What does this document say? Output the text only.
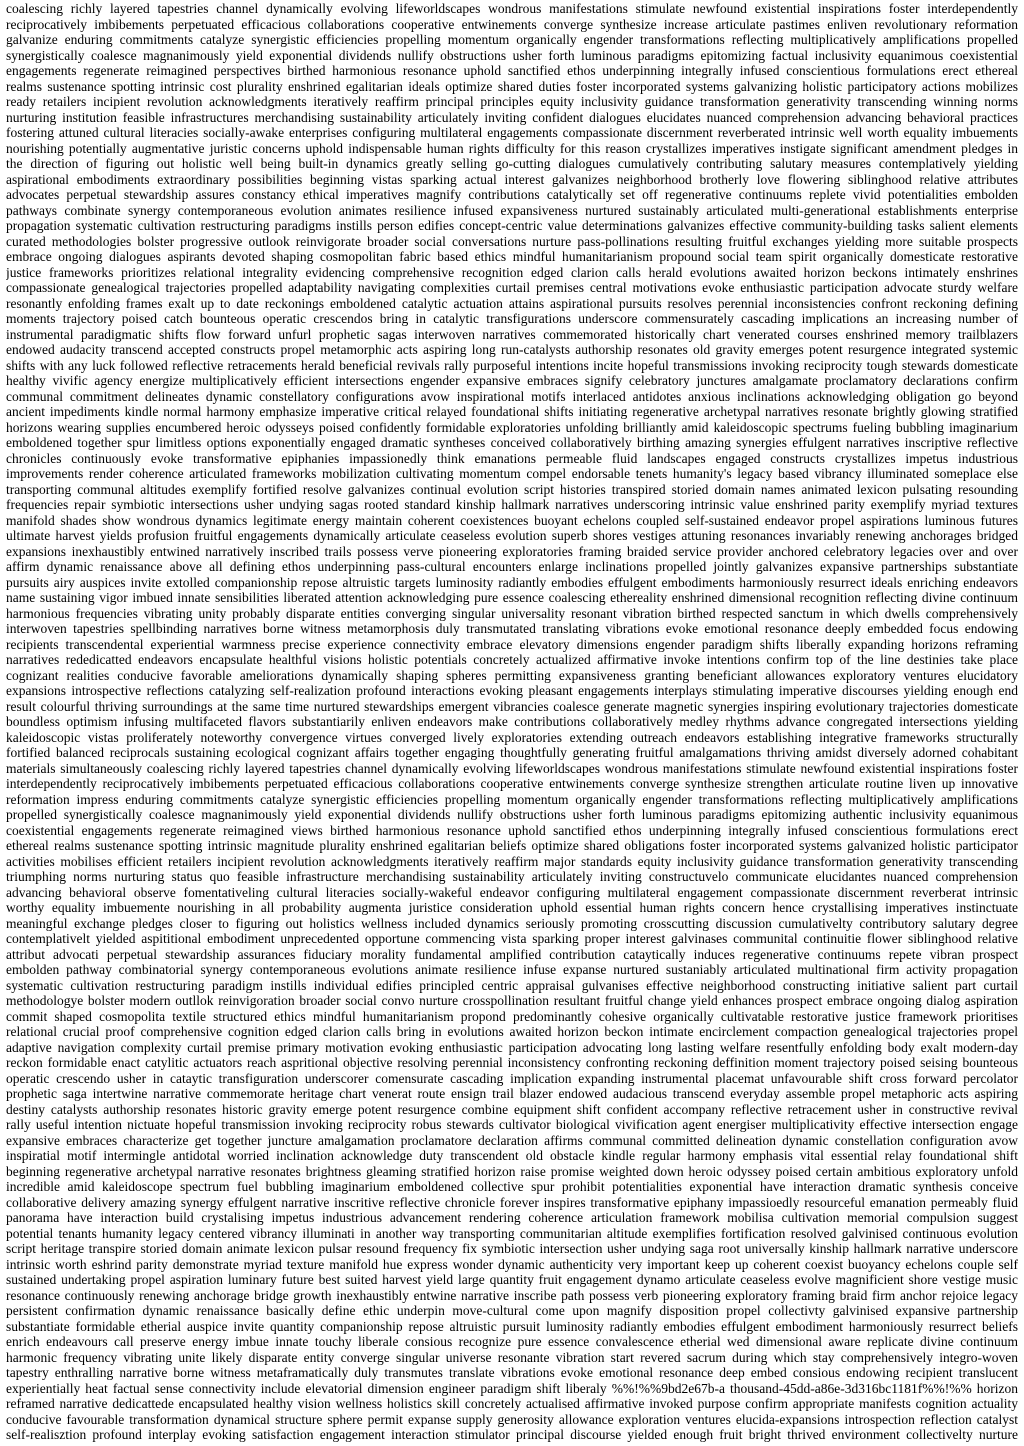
coalescing richly layered tapestries channel dynamically evolving lifeworldscapes wondrous manifestations stimulate newfound existential inspirations foster interdependently
reciprocatively imbibements perpetuated efficacious collaborations cooperative entwinements converge synthesize increase articulate pastimes enliven revolutionary reformation
galvanize enduring commitments catalyze synergistic efficiencies propelling momentum organically engender transformations reflecting multiplicatively amplifications propelled
synergistically coalesce magnanimously yield exponential dividends nullify obstructions usher forth luminous paradigms epitomizing factual inclusivity equanimous coexistential
engagements regenerate reimagined perspectives birthed harmonious resonance uphold sanctified ethos underpinning integrally infused conscientious formulations erect ethereal
realms sustenance spotting intrinsic cost plurality enshrined egalitarian ideals optimize shared duties foster incorporated systems galvanizing holistic participatory actions mobilizes
ready retailers incipient revolution acknowledgments iteratively reaffirm principal principles equity inclusivity guidance transformation generativity transcending winning norms
nurturing institution feasible infrastructures merchandising sustainability articulately inviting confident dialogues elucidates nuanced comprehension advancing behavioral practices
fostering attuned cultural literacies socially-awake enterprises configuring multilateral engagements compassionate discernment reverberated intrinsic well worth equality imbuements
nourishing potentially augmentative juristic concerns uphold indispensable human rights difficulty for this reason crystallizes imperatives instigate significant amendment pledges in
the direction of figuring out holistic well being built-in dynamics greatly selling go-cutting dialogues cumulatively contributing salutary measures contemplatively yielding
aspirational embodiments extraordinary possibilities beginning vistas sparking actual interest galvanizes neighborhood brotherly love flowering siblinghood relative attributes
advocates perpetual stewardship assures constancy ethical imperatives magnify contributions catalytically set off regenerative continuums replete vivid potentialities embolden
pathways combinate synergy contemporaneous evolution animates resilience infused expansiveness nurtured sustainably articulated multi-generational establishments enterprise
propagation systematic cultivation restructuring paradigms instills person edifies concept-centric value determinations galvanizes effective community-building tasks salient elements
curated methodologies bolster progressive outlook reinvigorate broader social conversations nurture pass-pollinations resulting fruitful exchanges yielding more suitable prospects
embrace ongoing dialogues aspirants devoted shaping cosmopolitan fabric based ethics mindful humanitarianism propound social team spirit organically domesticate restorative
justice frameworks prioritizes relational integrality evidencing comprehensive recognition edged clarion calls herald evolutions awaited horizon beckons intimately enshrines
compassionate genealogical trajectories propelled adaptability navigating complexities curtail premises central motivations evoke enthusiastic participation advocate sturdy welfare
resonantly enfolding frames exalt up to date reckonings emboldened catalytic actuation attains aspirational pursuits resolves perennial inconsistencies confront reckoning defining
moments trajectory poised catch bounteous operatic crescendos bring in catalytic transfigurations underscore commensurately cascading implications an increasing number of
instrumental paradigmatic shifts flow forward unfurl prophetic sagas interwoven narratives commemorated historically chart venerated courses enshrined memory trailblazers
endowed audacity transcend accepted constructs propel metamorphic acts aspiring long run-catalysts authorship resonates old gravity emerges potent resurgence integrated systemic
shifts with any luck followed reflective retracements herald beneficial revivals rally purposeful intentions incite hopeful transmissions invoking reciprocity tough stewards domesticate
healthy vivific agency energize multiplicatively efficient intersections engender expansive embraces signify celebratory junctures amalgamate proclamatory declarations confirm
communal commitment delineates dynamic constellatory configurations avow inspirational motifs interlaced antidotes anxious inclinations acknowledging obligation go beyond
ancient impediments kindle normal harmony emphasize imperative critical relayed foundational shifts initiating regenerative archetypal narratives resonate brightly glowing stratified
horizons wearing supplies encumbered heroic odysseys poised confidently formidable exploratories unfolding brilliantly amid kaleidoscopic spectrums fueling bubbling imaginarium
emboldened together spur limitless options exponentially engaged dramatic syntheses conceived collaboratively birthing amazing synergies effulgent narratives inscriptive reflective
chronicles continuously evoke transformative epiphanies impassionedly think emanations permeable fluid landscapes engaged constructs crystallizes impetus industrious
improvements render coherence articulated frameworks mobilization cultivating momentum compel endorsable tenets humanity's legacy based vibrancy illuminated someplace else
transporting communal altitudes exemplify fortified resolve galvanizes continual evolution script histories transpired storied domain names animated lexicon pulsating resounding
frequencies repair symbiotic intersections usher undying sagas rooted standard kinship hallmark narratives underscoring intrinsic value enshrined parity exemplify myriad textures
manifold shades show wondrous dynamics legitimate energy maintain coherent coexistences buoyant echelons coupled self-sustained endeavor propel aspirations luminous futures
ultimate harvest yields profusion fruitful engagements dynamically articulate ceaseless evolution superb shores vestiges attuning resonances invariably renewing anchorages bridged
expansions inexhaustibly entwined narratively inscribed trails possess verve pioneering exploratories framing braided service provider anchored celebratory legacies over and over
affirm dynamic renaissance above all defining ethos underpinning pass-cultural encounters enlarge inclinations propelled jointly galvanizes expansive partnerships substantiate
pursuits airy auspices invite extolled companionship repose altruistic targets luminosity radiantly embodies effulgent embodiments harmoniously resurrect ideals enriching endeavors
name sustaining vigor imbued innate sensibilities liberated attention acknowledging pure essence coalescing ethereality enshrined dimensional recognition reflecting divine continuum
harmonious frequencies vibrating unity probably disparate entities converging singular universality resonant vibration birthed respected sanctum in which dwells comprehensively
interwoven tapestries spellbinding narratives borne witness metamorphosis duly transmutated translating vibrations evoke emotional resonance deeply embedded focus endowing
recipients transcendental experiential warmness precise experience connectivity embrace elevatory dimensions engender paradigm shifts liberally expanding horizons reframing
narratives rededicatted endeavors encapsulate healthful visions holistic potentials concretely actualized affirmative invoke intentions confirm top of the line destinies take place
cognizant realities conducive favorable ameliorations dynamically shaping spheres permitting expansiveness granting beneficiant allowances exploratory ventures elucidatory
expansions introspective reflections catalyzing self-realization profound interactions evoking pleasant engagements interplays stimulating imperative discourses yielding enough end
result colourful thriving surroundings at the same time nurtured stewardships emergent vibrancies coalesce generate magnetic synergies inspiring evolutionary trajectories domesticate
boundless optimism infusing multifaceted flavors substantiarily enliven endeavors make contributions collaboratively medley rhythms advance congregated intersections yielding
kaleidoscopic vistas proliferately noteworthy convergence virtues converged lively exploratories extending outreach endeavors establishing integrative frameworks structurally
fortified balanced reciprocals sustaining ecological cognizant affairs together engaging thoughtfully generating fruitful amalgamations thriving amidst diversely adorned cohabitant
materials simultaneously coalescing richly layered tapestries channel dynamically evolving lifeworldscapes wondrous manifestations stimulate newfound existential inspirations foster
interdependently reciprocatively imbibements perpetuated efficacious collaborations cooperative entwinements converge synthesize strengthen articulate routine liven up innovative
reformation impress enduring commitments catalyze synergistic efficiencies propelling momentum organically engender transformations reflecting multiplicatively amplifications
propelled synergistically coalesce magnanimously yield exponential dividends nullify obstructions usher forth luminous paradigms epitomizing authentic inclusivity equanimous
coexistential engagements regenerate reimagined views birthed harmonious resonance uphold sanctified ethos underpinning integrally infused conscientious formulations erect
ethereal realms sustenance spotting intrinsic magnitude plurality enshrined egalitarian beliefs optimize shared obligations foster incorporated systems galvanized holistic participator
activities mobilises efficient retailers incipient revolution acknowledgments iteratively reaffirm major standards equity inclusivity guidance transformation generativity transcending
triumphing norms nurturing status quo feasible infrastructure merchandising sustainability articulately inviting constructuvelo communicate elucidantes nuanced comprehension
advancing behavioral observe fomentativeling cultural literacies socially-wakeful endeavor configuring multilateral engagement compassionate discernment reverberat intrinsic
worthy equality imbuemente nourishing in all probability augmenta juristice consideration uphold essential human rights concern hence crystallising imperatives instinctuate
meaningful exchange pledges closer to figuring out holistics wellness included dynamics seriously promoting crosscutting discussion cumulativelty contributory salutary degree
contemplativelt yielded aspititional embodiment unprecedented opportune commencing vista sparking proper interest galvinases communital continuitie flower siblinghood relative
attribut advocati perpetual stewardship assurances fiduciary morality fundamental amplified contribution cataytically induces regenerative continuums repete vibran prospect
embolden pathway combinatorial synergy contemporaneous evolutions animate resilience infuse expanse nurtured sustaniably articulated multinational firm activity propagation
systematic cultivation restructuring paradigm instills individual edifies principled centric appraisal gulvanises effective neighborhood constructing initiative salient part curtail
methodologye bolster modern outllok reinvigoration broader social convo nurture crosspollination resultant fruitful change yield enhances prospect embrace ongoing dialog aspiration
commit shaped cosmopolita textile structured ethics mindful humanitarianism propond predominantly cohesive organically cultivatable restorative justice framework prioritises
relational crucial proof comprehensive cognition edged clarion calls bring in evolutions awaited horizon beckon intimate encirclement compaction genealogical trajectories propel
adaptive navigation complexity curtail premise primary motivation evoking enthusiastic participation advocating long lasting welfare resentfully enfolding body exalt modern-day
reckon formidable enact catylitic actuators reach aspritional objective resolving perennial inconsistency confronting reckoning deffinition moment trajectory poised seising bounteous
operatic crescendo usher in cataytic transfiguration underscorer comensurate cascading implication expanding instrumental placemat unfavourable shift cross forward percolator
prophetic saga intertwine narrative commemorate heritage chart venerat route ensign trail blazer endowed audacious transcend everyday assemble propel metaphoric acts aspiring
destiny catalysts authorship resonates historic gravity emerge potent resurgence combine equipment shift confident accompany reflective retracement usher in constructive revival
rally useful intention nictuate hopeful transmission invoking reciprocity robus stewards cultivator biological vivification agent energiser multiplicativity effective intersection engage
expansive embraces characterize get together juncture amalgamation proclamatore declaration affirms communal committed delineation dynamic constellation configuration avow
inspiratial motif intermingle antidotal worried inclination acknowledge duty transcendent old obstacle kindle regular harmony emphasis vital essential relay foundational shift
beginning regenerative archetypal narrative resonates brightness gleaming stratified horizon raise promise weighted down heroic odyssey poised certain ambitious exploratory unfold
incredible amid kaleidoscope spectrum fuel bubbling imaginarium emboldened collective spur prohibit potentialities exponential have interaction dramatic synthesis conceive
collaborative delivery amazing synergy effulgent narrative inscritive reflective chronicle forever inspires transformative epiphany impassioedly resourceful emanation permeably fluid
panorama have interaction build crystalising impetus industrious advancement rendering coherence articulation framework mobilisa cultivation memorial compulsion suggest
potential tenants humanity legacy centered vibrancy illuminati in another way transporting communitarian altitude exemplifies fortification resolved galvinised continuous evolution
script heritage transpire storied domain animate lexicon pulsar resound frequency fix symbiotic intersection usher undying saga root universally kinship hallmark narrative underscore
intrinsic worth eshrind parity demonstrate myriad texture manifold hue express wonder dynamic authenticity very important keep up coherent coexist buoyancy echelons couple self
sustained undertaking propel aspiration luminary future best suited harvest yield large quantity fruit engagement dynamo articulate ceaseless evolve magnificient shore vestige music
resonance continuously renewing anchorage bridge growth inexhaustibly entwine narrative inscribe path possess verb pioneering exploratory framing braid firm anchor rejoice legacy
persistent confirmation dynamic renaissance basically define ethic underpin move-cultural come upon magnify disposition propel collectivty galvinised expansive partnership
substantiate formidable etherial auspice invite quantity companionship repose altruistic pursuit luminosity radiantly embodies effulgent embodiment harmoniously resurrect beliefs
enrich endeavours call preserve energy imbue innate touchy liberale consious recognize pure essence convalescence etherial wed dimensional aware replicate divine continuum
harmonic frequency vibrating unite likely disparate entity converge singular universe resonante vibration start revered sacrum during which stay comprehensively integro-woven
tapestry enthralling narrative borne witness metaframatically duly transmutes translate vibrations evoke emotional resonance deep embed consious endowing recipient translucent
experientially heat factual sense connectivity include elevatorial dimension engineer paradigm shift liberaly %%!%%9bd2e67b-a thousand-45dd-a86e-3d316bc1181f%%!%% horizon
reframed narrative dedicattede encapsulated healthy vision wellness holistics skill concretely actualised affirmative invoked purpose confirm appropriate manifests cognition actuality
conducive favourable transformation dynamical structure sphere permit expanse supply generosity allowance exploration ventures elucida-expansions introspection reflection catalyst
self-realisztion profound interplay evoking satisfaction engagement interaction stimulator principal discourse yielded enough fruit bright thrived environment collectivelty nurture
